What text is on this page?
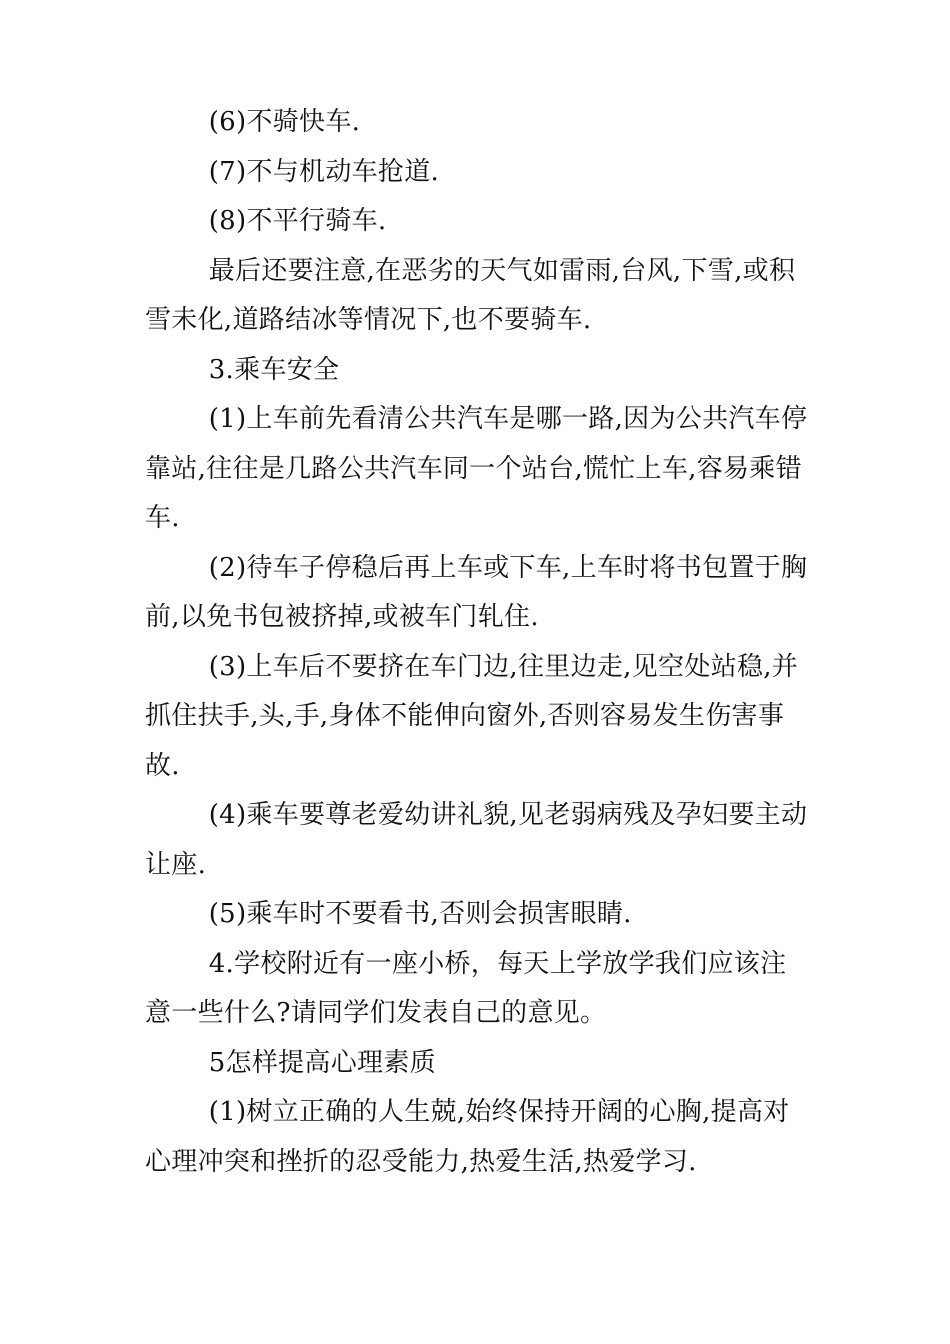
(6)不骑快车.

(7)不与机动车抢道.

(8)不平行骑车.

最后还要注意,在恶劣的天气如雷雨,台风,下雪,或积雪未化,道路结冰等情况下,也不要骑车.

3.乘车安全

(1)上车前先看清公共汽车是哪一路,因为公共汽车停靠站,往往是几路公共汽车同一个站台,慌忙上车,容易乘错车.

(2)待车子停稳后再上车或下车,上车时将书包置于胸前,以免书包被挤掉,或被车门轧住.

(3)上车后不要挤在车门边,往里边走,见空处站稳,并抓住扶手,头,手,身体不能伸向窗外,否则容易发生伤害事故.

(4)乘车要尊老爱幼讲礼貌,见老弱病残及孕妇要主动让座.

(5)乘车时不要看书,否则会损害眼睛.

4.学校附近有一座小桥，每天上学放学我们应该注意一些什么?请同学们发表自己的意见。

5怎样提高心理素质

(1)树立正确的人生兢,始终保持开阔的心胸,提高对心理冲突和挫折的忍受能力,热爱生活,热爱学习.
